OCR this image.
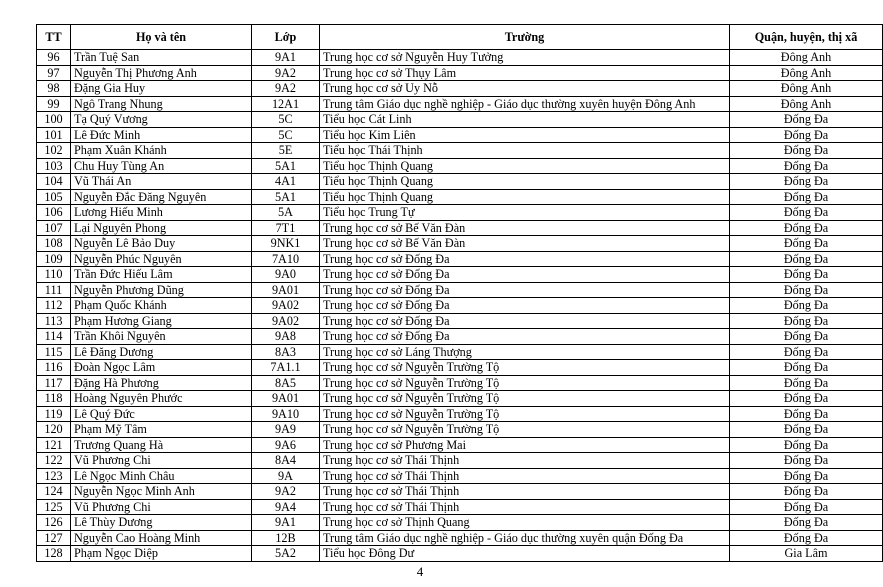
TT	Họ và tên	Lớp	Trường	Quận, huyện, thị xã
96	Trần Tuệ San	9A1	Trung học cơ sở Nguyễn Huy Tưởng	Đông Anh
97	Nguyễn Thị Phương Anh	9A2	Trung học cơ sở Thụy Lâm	Đông Anh
98	Đặng Gia Huy	9A2	Trung học cơ sở Uy Nỗ	Đông Anh
99	Ngô Trang Nhung	12A1	Trung tâm Giáo dục nghề nghiệp - Giáo dục thường xuyên huyện Đông Anh	Đông Anh
100	Tạ Quý Vương	5C	Tiểu học Cát Linh	Đống Đa
101	Lê Đức Minh	5C	Tiểu học Kim Liên	Đống Đa
102	Phạm Xuân Khánh	5E	Tiểu học Thái Thịnh	Đống Đa
103	Chu Huy Tùng An	5A1	Tiểu học Thịnh Quang	Đống Đa
104	Vũ Thái An	4A1	Tiểu học Thịnh Quang	Đống Đa
105	Nguyễn Đắc Đăng Nguyên	5A1	Tiểu học Thịnh Quang	Đống Đa
106	Lương Hiếu Minh	5A	Tiểu học Trung Tự	Đống Đa
107	Lại Nguyên Phong	7T1	Trung học cơ sở Bế Văn Đàn	Đống Đa
108	Nguyễn Lê Bảo Duy	9NK1	Trung học cơ sở Bế Văn Đàn	Đống Đa
109	Nguyễn Phúc Nguyên	7A10	Trung học cơ sở Đống Đa	Đống Đa
110	Trần Đức Hiếu Lâm	9A0	Trung học cơ sở Đống Đa	Đống Đa
111	Nguyễn Phương Dũng	9A01	Trung học cơ sở Đống Đa	Đống Đa
112	Phạm Quốc Khánh	9A02	Trung học cơ sở Đống Đa	Đống Đa
113	Phạm Hương Giang	9A02	Trung học cơ sở Đống Đa	Đống Đa
114	Trần Khôi Nguyên	9A8	Trung học cơ sở Đống Đa	Đống Đa
115	Lê Đăng Dương	8A3	Trung học cơ sở Láng Thượng	Đống Đa
116	Đoàn Ngọc Lâm	7A1.1	Trung học cơ sở Nguyễn Trường Tộ	Đống Đa
117	Đặng Hà Phương	8A5	Trung học cơ sở Nguyễn Trường Tộ	Đống Đa
118	Hoàng Nguyên Phước	9A01	Trung học cơ sở Nguyễn Trường Tộ	Đống Đa
119	Lê Quý Đức	9A10	Trung học cơ sở Nguyễn Trường Tộ	Đống Đa
120	Phạm Mỹ Tâm	9A9	Trung học cơ sở Nguyễn Trường Tộ	Đống Đa
121	Trương Quang Hà	9A6	Trung học cơ sở Phương Mai	Đống Đa
122	Vũ Phương Chi	8A4	Trung học cơ sở Thái Thịnh	Đống Đa
123	Lê Ngọc Minh Châu	9A	Trung học cơ sở Thái Thịnh	Đống Đa
124	Nguyễn Ngọc Minh Anh	9A2	Trung học cơ sở Thái Thịnh	Đống Đa
125	Vũ Phương Chi	9A4	Trung học cơ sở Thái Thịnh	Đống Đa
126	Lê Thùy Dương	9A1	Trung học cơ sở Thịnh Quang	Đống Đa
127	Nguyễn Cao Hoàng Minh	12B	Trung tâm Giáo dục nghề nghiệp - Giáo dục thường xuyên quận Đống Đa	Đống Đa
128	Phạm Ngọc Diệp	5A2	Tiểu học Đông Dư	Gia Lâm
4
